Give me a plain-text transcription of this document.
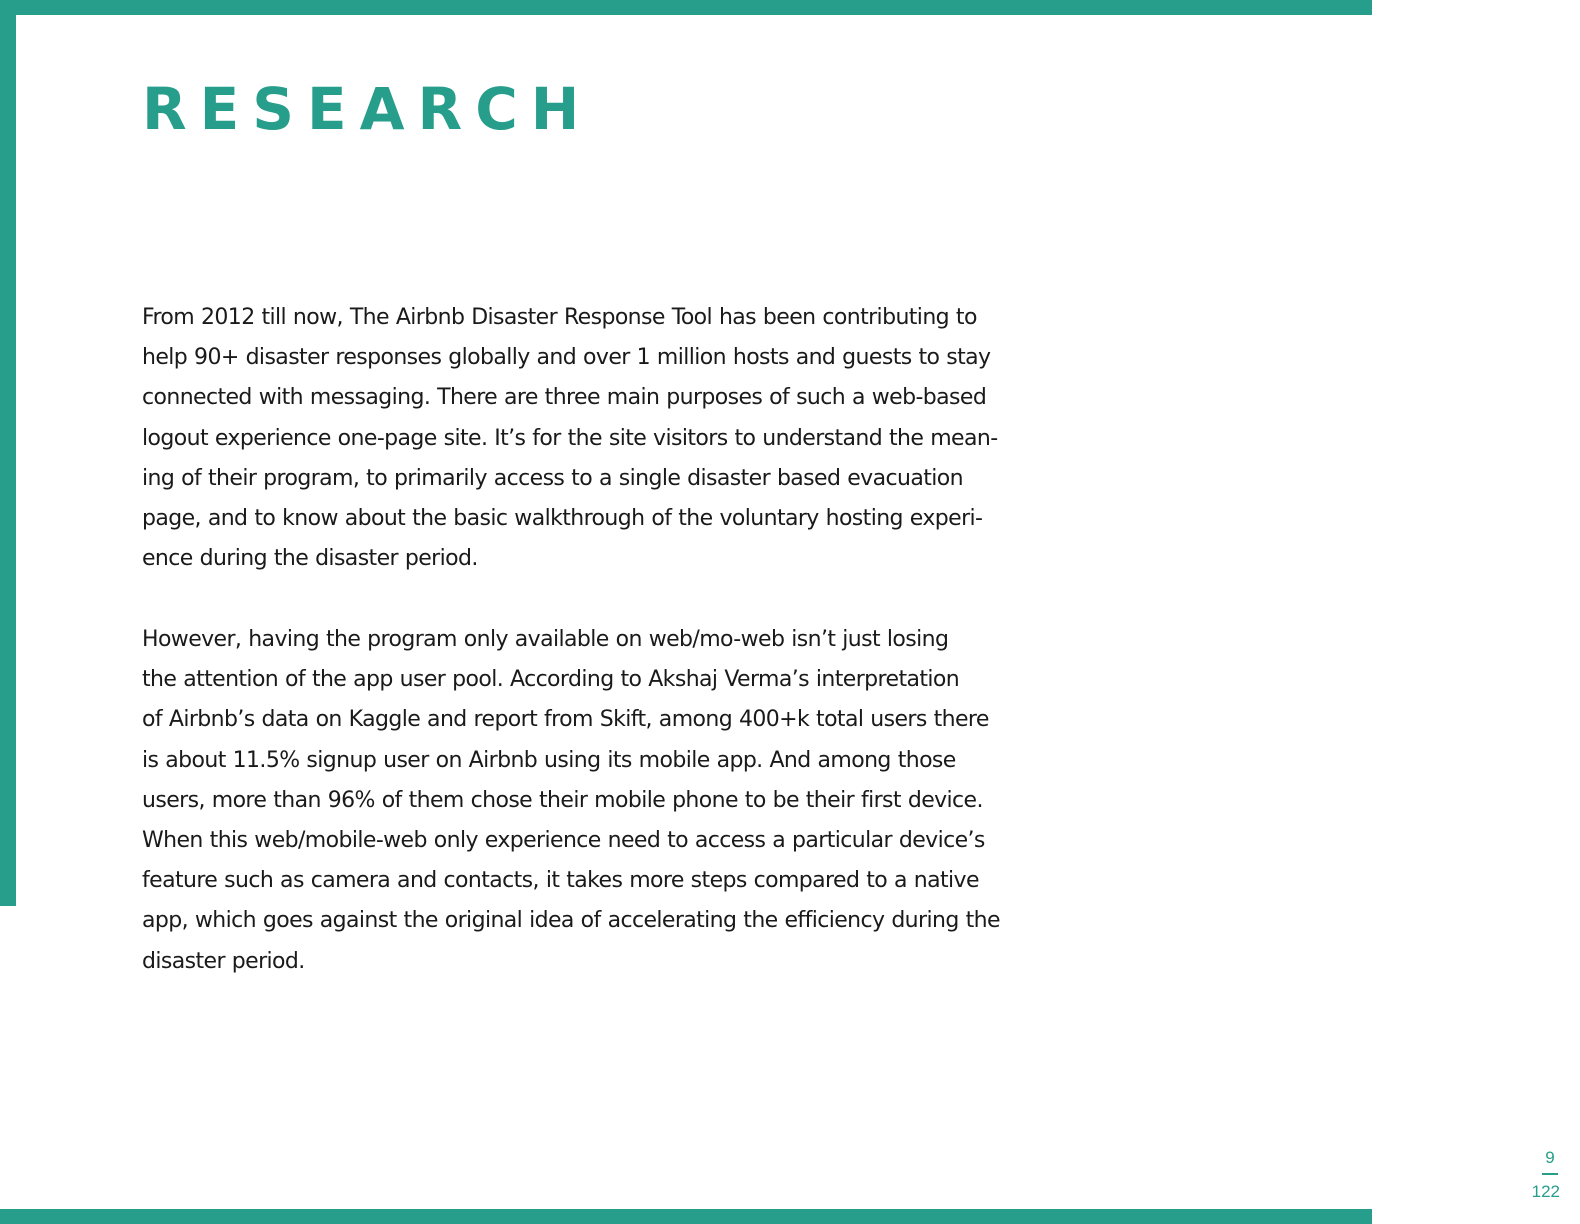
RESEARCH
From 2012 till now, The Airbnb Disaster Response Tool has been contributing to
help 90+ disaster responses globally and over 1 million hosts and guests to stay
connected with messaging. There are three main purposes of such a web-based
logout experience one-page site. It’s for the site visitors to understand the mean-
ing of their program, to primarily access to a single disaster based evacuation
page, and to know about the basic walkthrough of the voluntary hosting experi-
ence during the disaster period.
However, having the program only available on web/mo-web isn’t just losing
the attention of the app user pool. According to Akshaj Verma’s interpretation
of Airbnb’s data on Kaggle and report from Skift, among 400+k total users there
is about 11.5% signup user on Airbnb using its mobile app. And among those
users, more than 96% of them chose their mobile phone to be their first device.
When this web/mobile-web only experience need to access a particular device’s
feature such as camera and contacts, it takes more steps compared to a native
app, which goes against the original idea of accelerating the efficiency during the
disaster period.
9
122
